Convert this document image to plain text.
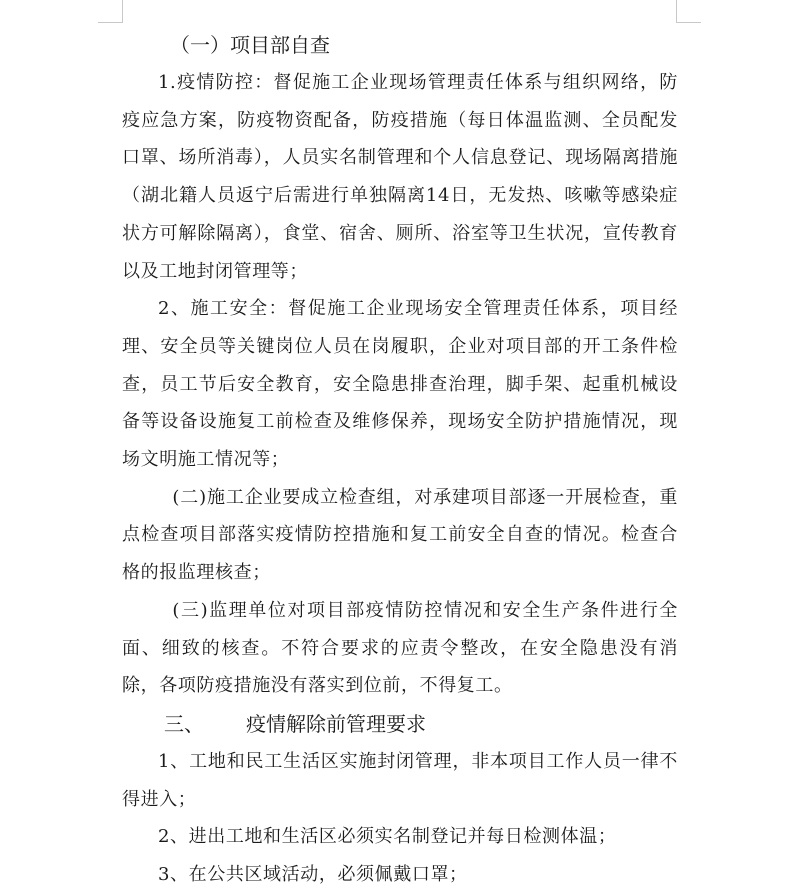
（一）项目部自查

1.疫情防控：督促施工企业现场管理责任体系与组织网络，防疫应急方案，防疫物资配备，防疫措施（每日体温监测、全员配发口罩、场所消毒），人员实名制管理和个人信息登记、现场隔离措施（湖北籍人员返宁后需进行单独隔离14日，无发热、咳嗽等感染症状方可解除隔离），食堂、宿舍、厕所、浴室等卫生状况，宣传教育以及工地封闭管理等；

2、施工安全：督促施工企业现场安全管理责任体系，项目经理、安全员等关键岗位人员在岗履职，企业对项目部的开工条件检查，员工节后安全教育，安全隐患排查治理，脚手架、起重机械设备等设备设施复工前检查及维修保养，现场安全防护措施情况，现场文明施工情况等；

(二)施工企业要成立检查组，对承建项目部逐一开展检查，重点检查项目部落实疫情防控措施和复工前安全自查的情况。检查合格的报监理核查；

(三)监理单位对项目部疫情防控情况和安全生产条件进行全面、细致的核查。不符合要求的应责令整改，在安全隐患没有消除，各项防疫措施没有落实到位前，不得复工。

三、 疫情解除前管理要求

1、工地和民工生活区实施封闭管理，非本项目工作人员一律不得进入；

2、进出工地和生活区必须实名制登记并每日检测体温；

3、在公共区域活动，必须佩戴口罩；
